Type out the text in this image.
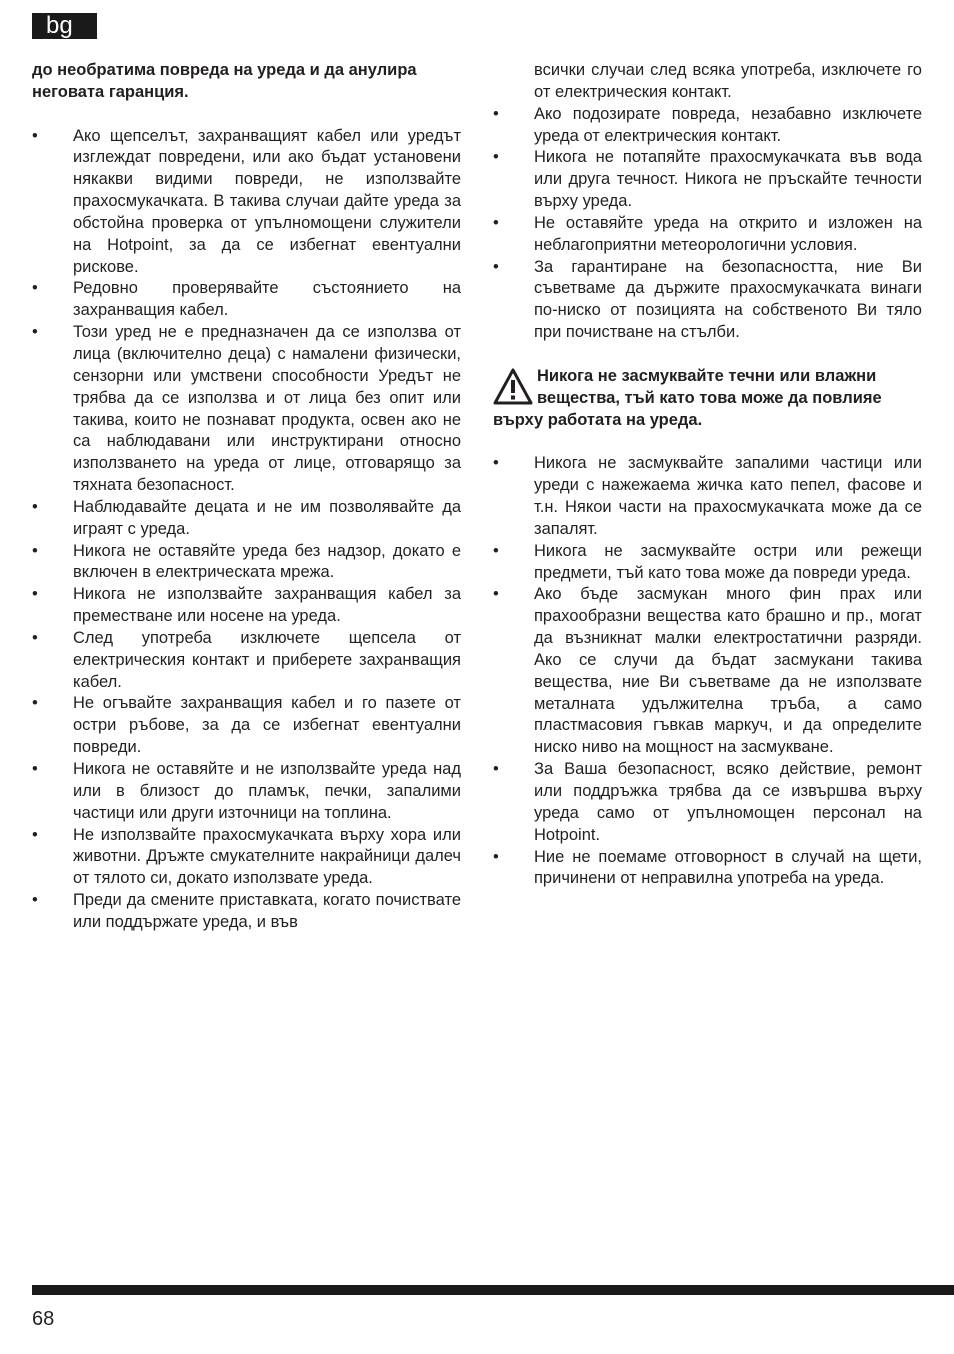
bg

до необратима повреда на уреда и да анулира неговата гаранция.

• Ако щепселът, захранващият кабел или уредът изглеждат повредени, или ако бъдат установени някакви видими повреди, не използвайте прахосмукачката. В такива случаи дайте уреда за обстойна проверка от упълномощени служители на Hotpoint, за да се избегнат евентуални рискове.
• Редовно проверявайте състоянието на захранващия кабел.
• Този уред не е предназначен да се използва от лица (включително деца) с намалени физически, сензорни или умствени способности Уредът не трябва да се използва и от лица без опит или такива, които не познават продукта, освен ако не са наблюдавани или инструктирани относно използването на уреда от лице, отговарящо за тяхната безопасност.
• Наблюдавайте децата и не им позволявайте да играят с уреда.
• Никога не оставяйте уреда без надзор, докато е включен в електрическата мрежа.
• Никога не използвайте захранващия кабел за преместване или носене на уреда.
• След употреба изключете щепсела от електрическия контакт и приберете захранващия кабел.
• Не огъвайте захранващия кабел и го пазете от остри ръбове, за да се избегнат евентуални повреди.
• Никога не оставяйте и не използвайте уреда над или в близост до пламък, печки, запалими частици или други източници на топлина.
• Не използвайте прахосмукачката върху хора или животни. Дръжте смукателните накрайници далеч от тялото си, докато използвате уреда.
• Преди да смените приставката, когато почиствате или поддържате уреда, и във
всички случаи след всяка употреба, изключете го от електрическия контакт.
• Ако подозирате повреда, незабавно изключете уреда от електрическия контакт.
• Никога не потапяйте прахосмукачката във вода или друга течност. Никога не пръскайте течности върху уреда.
• Не оставяйте уреда на открито и изложен на неблагоприятни метеорологични условия.
• За гарантиране на безопасността, ние Ви съветваме да държите прахосмукачката винаги по-ниско от позицията на собственото Ви тяло при почистване на стълби.
Никога не засмуквайте течни или влажни вещества, тъй като това може да повлияе върху работата на уреда.
• Никога не засмуквайте запалими частици или уреди с нажежаема жичка като пепел, фасове и т.н. Някои части на прахосмукачката може да се запалят.
• Никога не засмуквайте остри или режещи предмети, тъй като това може да повреди уреда.
• Ако бъде засмукан много фин прах или прахообразни вещества като брашно и пр., могат да възникнат малки електростатични разряди. Ако се случи да бъдат засмукани такива вещества, ние Ви съветваме да не използвате металната удължителна тръба, а само пластмасовия гъвкав маркуч, и да определите ниско ниво на мощност на засмукване.
• За Ваша безопасност, всяко действие, ремонт или поддръжка трябва да се извършва върху уреда само от упълномощен персонал на Hotpoint.
• Ние не поемаме отговорност в случай на щети, причинени от неправилна употреба на уреда.
68
